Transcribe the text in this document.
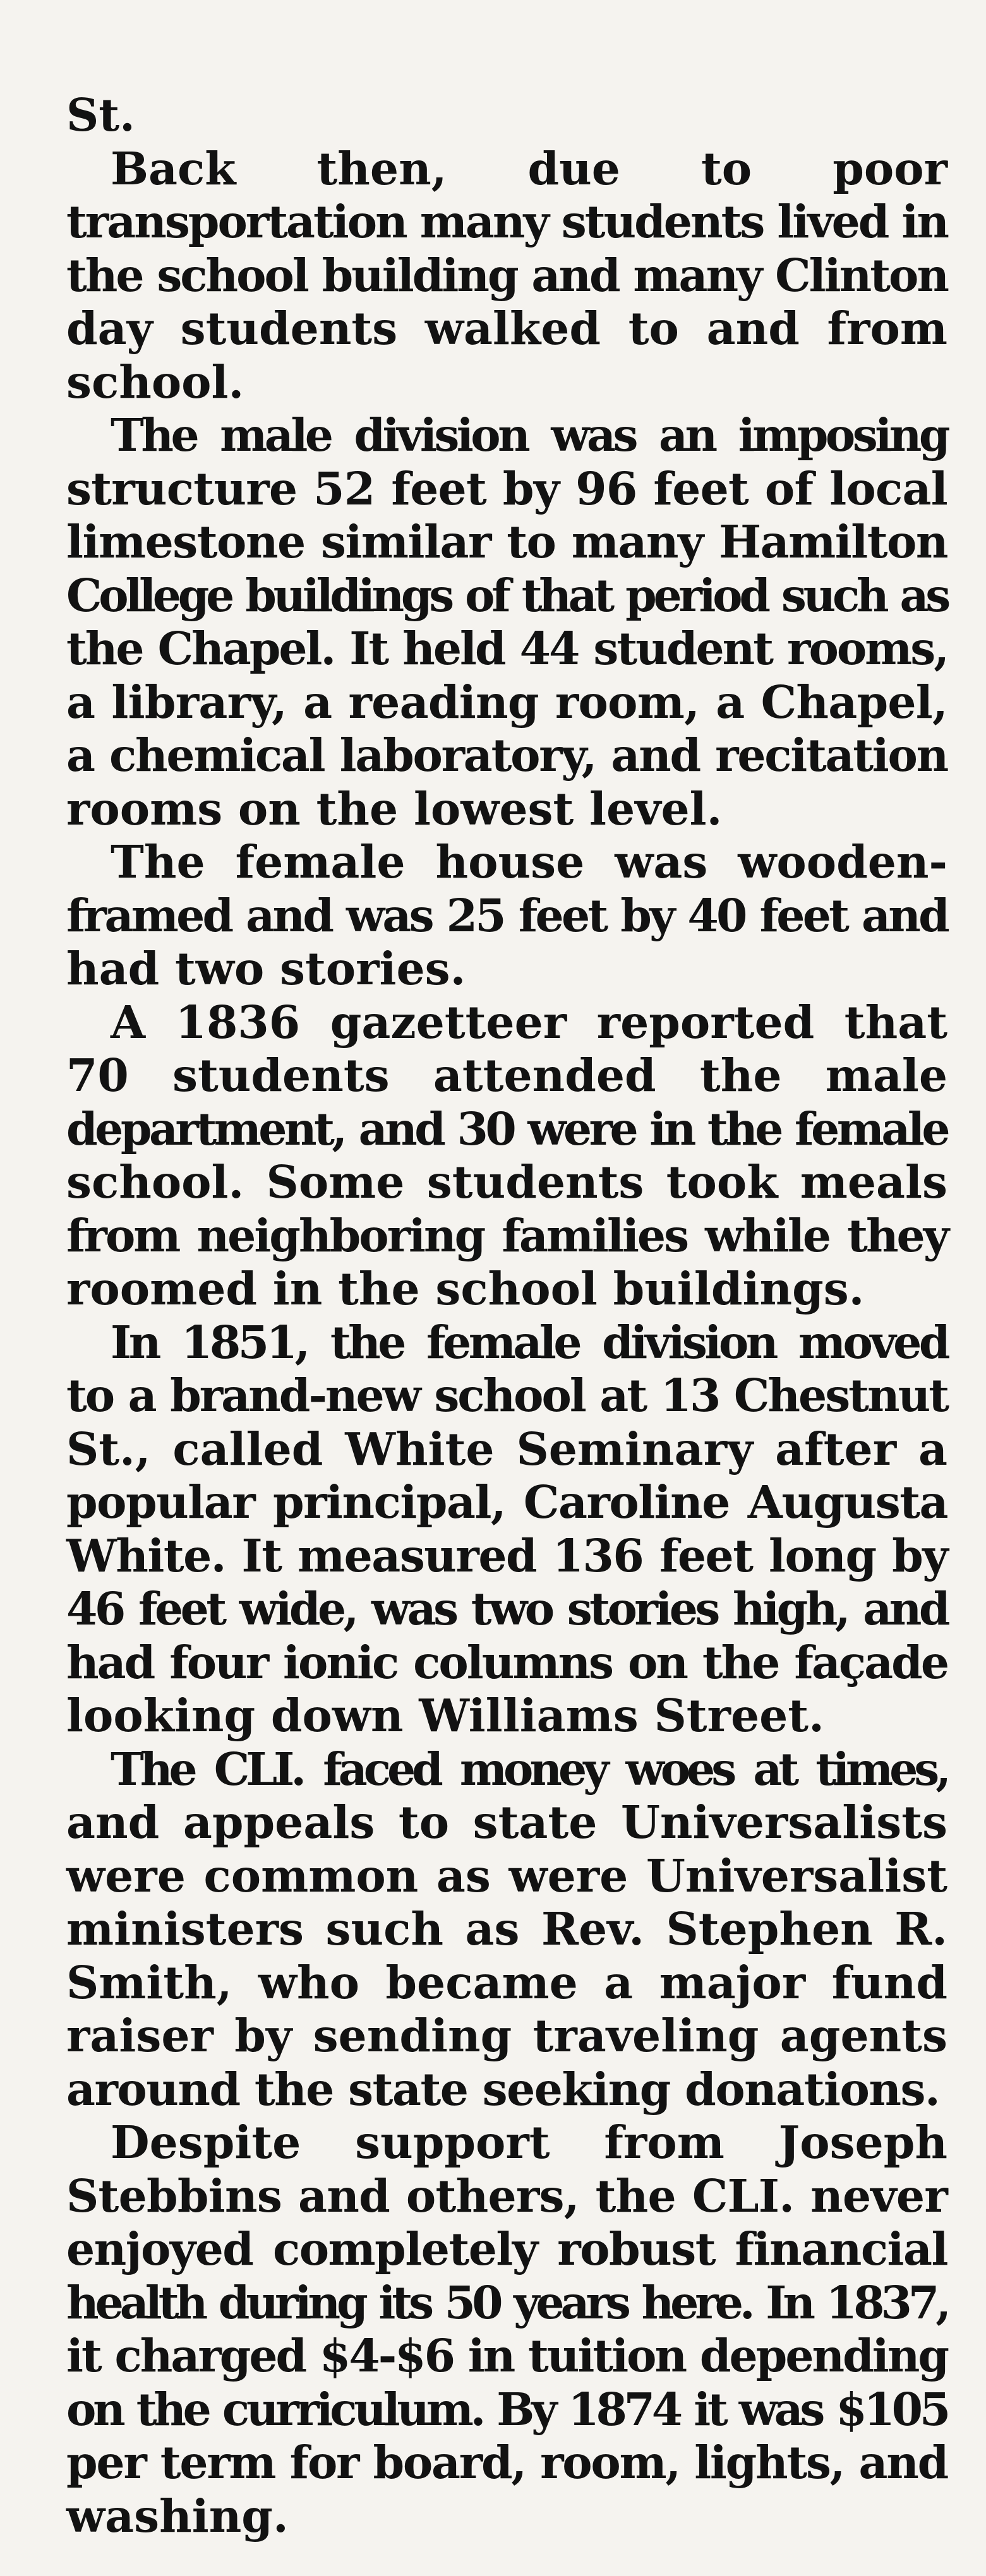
St.
Back then, due to poor
transportation many students lived in
the school building and many Clinton
day students walked to and from
school.
The male division was an imposing
structure 52 feet by 96 feet of local
limestone similar to many Hamilton
College buildings of that period such as
the Chapel. It held 44 student rooms,
a library, a reading room, a Chapel,
a chemical laboratory, and recitation
rooms on the lowest level.
The female house was wooden-
framed and was 25 feet by 40 feet and
had two stories.
A 1836 gazetteer reported that
70 students attended the male
department, and 30 were in the female
school. Some students took meals
from neighboring families while they
roomed in the school buildings.
In 1851, the female division moved
to a brand-new school at 13 Chestnut
St., called White Seminary after a
popular principal, Caroline Augusta
White. It measured 136 feet long by
46 feet wide, was two stories high, and
had four ionic columns on the façade
looking down Williams Street.
The CLI. faced money woes at times,
and appeals to state Universalists
were common as were Universalist
ministers such as Rev. Stephen R.
Smith, who became a major fund
raiser by sending traveling agents
around the state seeking donations.
Despite support from Joseph
Stebbins and others, the CLI. never
enjoyed completely robust financial
health during its 50 years here. In 1837,
it charged $4-$6 in tuition depending
on the curriculum. By 1874 it was $105
per term for board, room, lights, and
washing.
